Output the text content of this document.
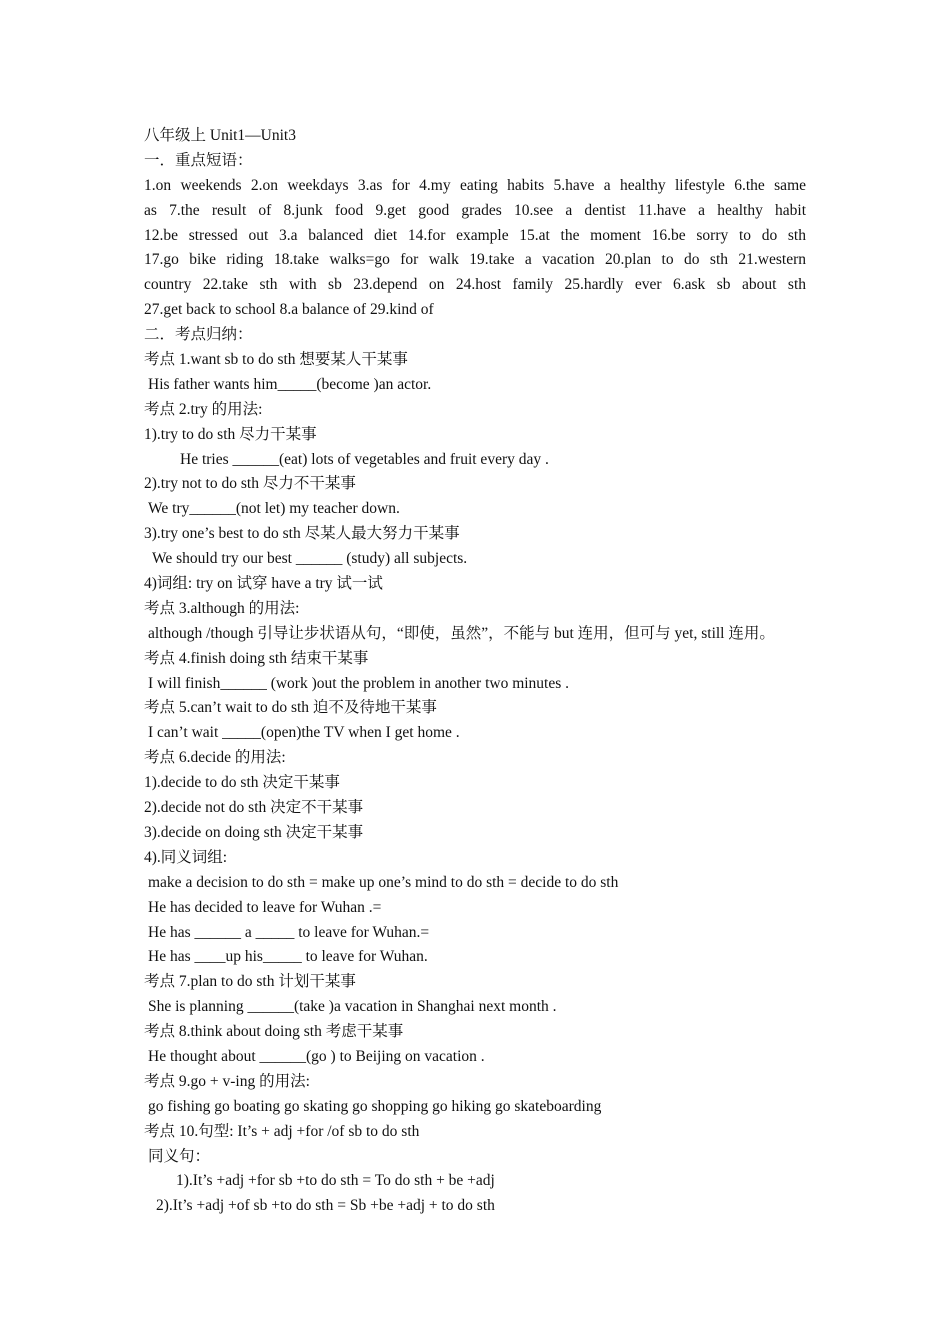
八年级上 Unit1—Unit3
一．重点短语：
1.on weekends 2.on weekdays 3.as for 4.my eating habits 5.have a healthy lifestyle 6.the same
as 7.the result of 8.junk food 9.get good grades 10.see a dentist 11.have a healthy habit
12.be stressed out 3.a balanced diet 14.for example 15.at the moment 16.be sorry to do sth
17.go bike riding 18.take walks=go for walk 19.take a vacation 20.plan to do sth 21.western
country 22.take sth with sb 23.depend on 24.host family 25.hardly ever 6.ask sb about sth
27.get back to school 8.a balance of 29.kind of
二．考点归纳：
考点 1.want sb to do sth 想要某人干某事
His father wants him_____(become )an actor.
考点 2.try 的用法:
1).try to do sth 尽力干某事
He tries ______(eat) lots of vegetables and fruit every day .
2).try not to do sth 尽力不干某事
We try______(not let) my teacher down.
3).try one’s best to do sth 尽某人最大努力干某事
We should try our best ______ (study) all subjects.
4)词组: try on 试穿 have a try 试一试
考点 3.although 的用法:
although /though 引导让步状语从句，“即使，虽然”，不能与 but 连用，但可与 yet, still 连用。
考点 4.finish doing sth 结束干某事
I will finish______ (work )out the problem in another two minutes .
考点 5.can’t wait to do sth 迫不及待地干某事
I can’t wait _____(open)the TV when I get home .
考点 6.decide 的用法:
1).decide to do sth 决定干某事
2).decide not do sth 决定不干某事
3).decide on doing sth 决定干某事
4).同义词组:
make a decision to do sth = make up one’s mind to do sth = decide to do sth
He has decided to leave for Wuhan .=
He has ______ a _____ to leave for Wuhan.=
He has ____up his_____ to leave for Wuhan.
考点 7.plan to do sth 计划干某事
She is planning ______(take )a vacation in Shanghai next month .
考点 8.think about doing sth 考虑干某事
He thought about ______(go ) to Beijing on vacation .
考点 9.go + v-ing 的用法:
go fishing go boating go skating go shopping go hiking go skateboarding
考点 10.句型: It’s + adj +for /of sb to do sth
同义句：
1).It’s +adj +for sb +to do sth = To do sth + be +adj
2).It’s +adj +of sb +to do sth = Sb +be +adj + to do sth
